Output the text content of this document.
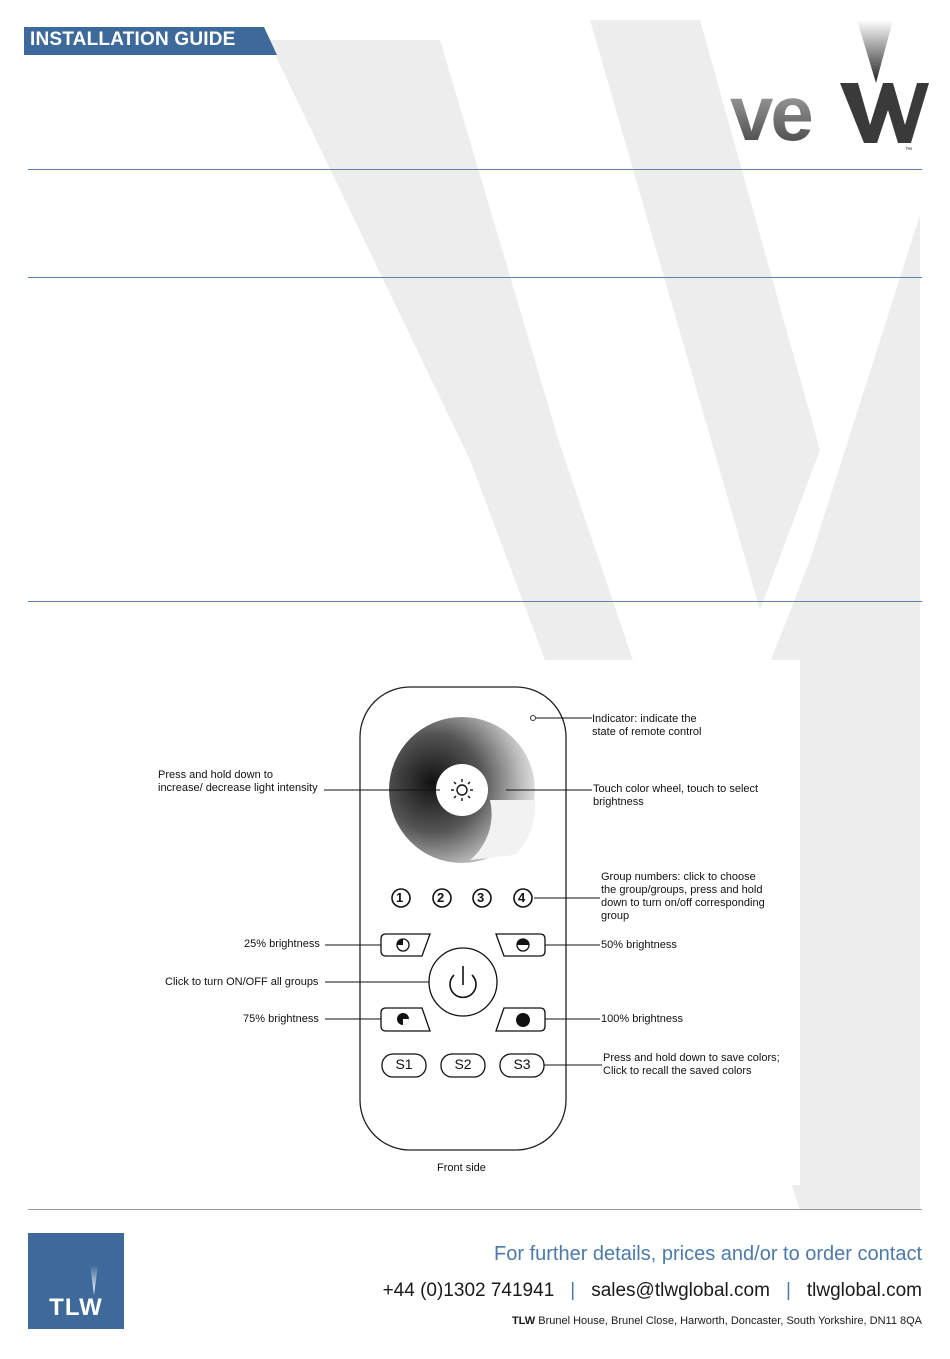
INSTALLATION GUIDE
ve	™
1	2	3	4
S1	S2	S3
Indicator: indicate the
state of remote control
Press and hold down to
increase/ decrease light intensity	Touch color wheel, touch to select
brightness
Group numbers: click to choose
the group/groups, press and hold
down to turn on/off corresponding
group
25% brightness	50% brightness
Click to turn ON/OFF all groups
75% brightness	100% brightness
Press and hold down to save colors;
Click to recall the saved colors
Front side
TLW
For further details, prices and/or to order contact
+44 (0)1302 741941 | sales@tlwglobal.com | tlwglobal.com
TLW Brunel House, Brunel Close, Harworth, Doncaster, South Yorkshire, DN11 8QA
